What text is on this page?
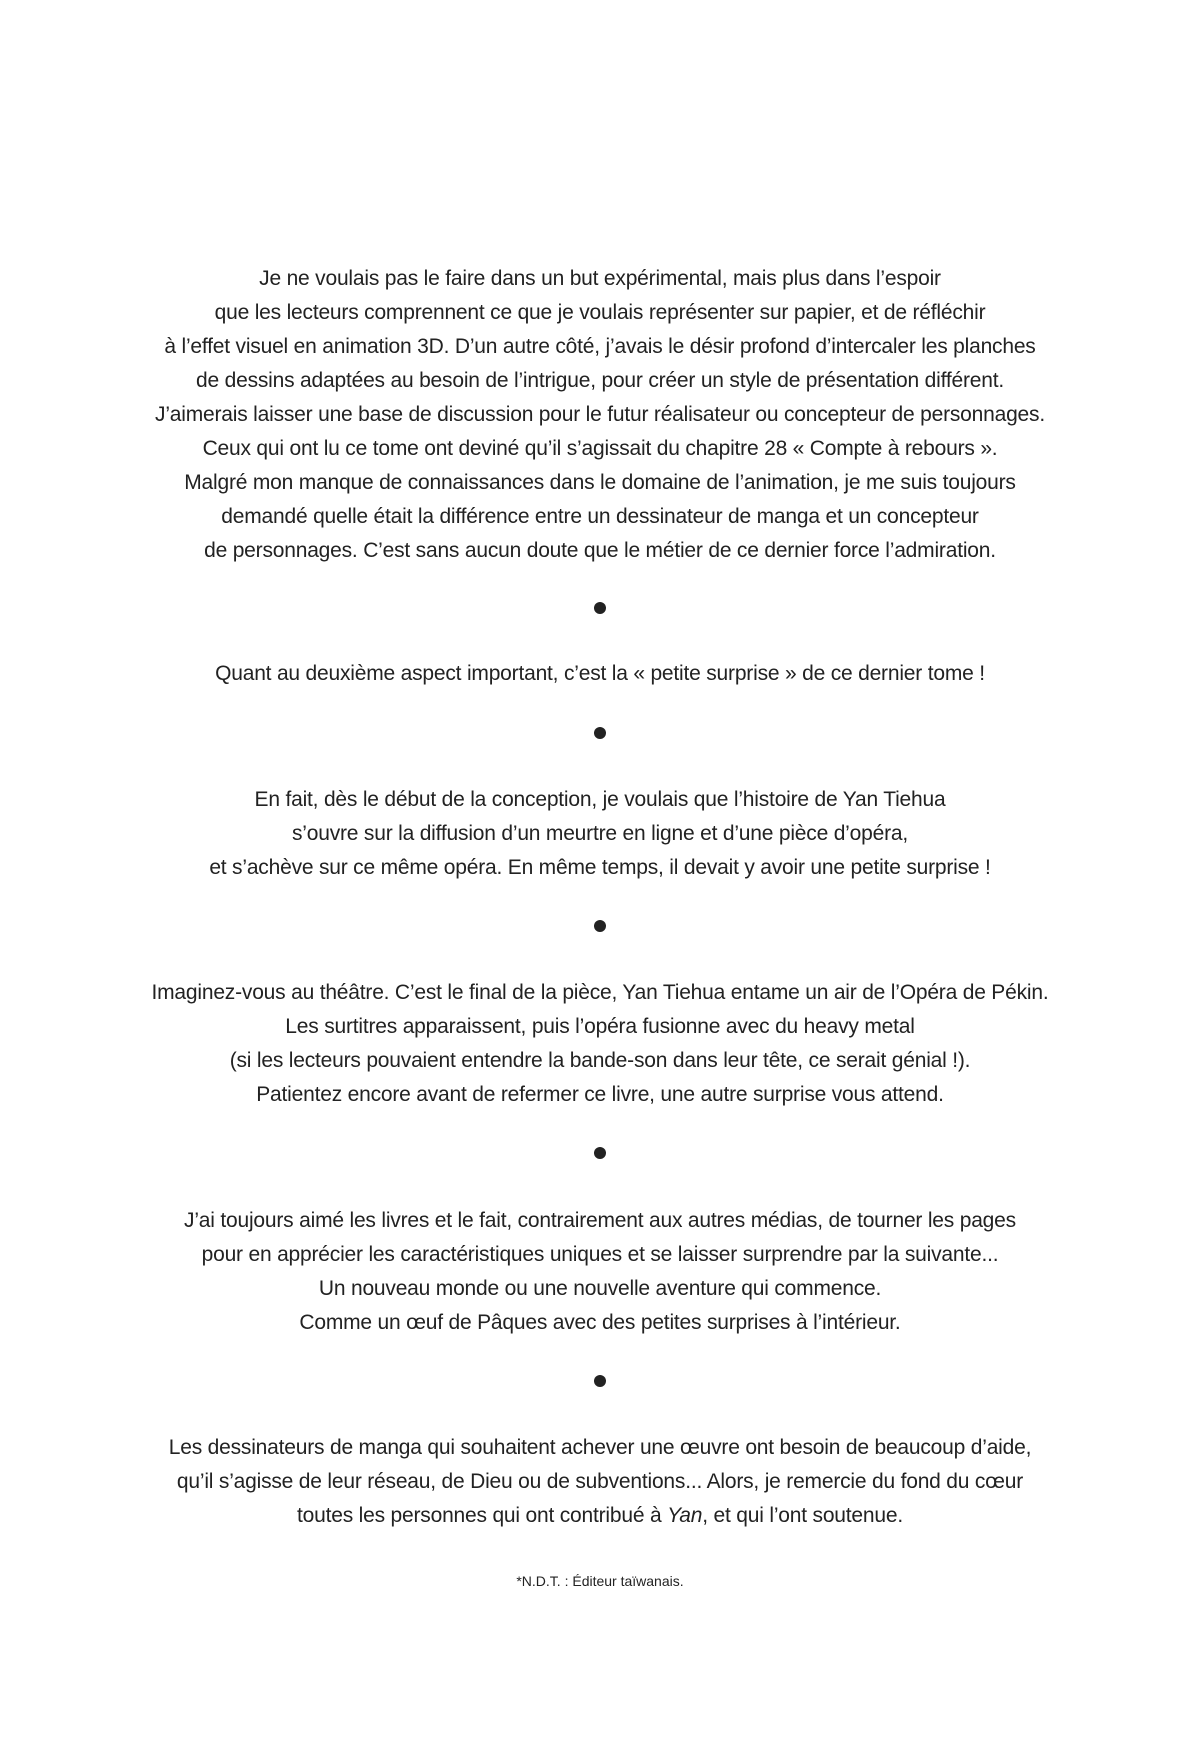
Je ne voulais pas le faire dans un but expérimental, mais plus dans l’espoir
que les lecteurs comprennent ce que je voulais représenter sur papier, et de réfléchir
à l’effet visuel en animation 3D. D’un autre côté, j’avais le désir profond d’intercaler les planches
de dessins adaptées au besoin de l’intrigue, pour créer un style de présentation différent.
J’aimerais laisser une base de discussion pour le futur réalisateur ou concepteur de personnages.
Ceux qui ont lu ce tome ont deviné qu’il s’agissait du chapitre 28 « Compte à rebours ».
Malgré mon manque de connaissances dans le domaine de l’animation, je me suis toujours
demandé quelle était la différence entre un dessinateur de manga et un concepteur
de personnages. C’est sans aucun doute que le métier de ce dernier force l’admiration.
Quant au deuxième aspect important, c’est la « petite surprise » de ce dernier tome !
En fait, dès le début de la conception, je voulais que l’histoire de Yan Tiehua
s’ouvre sur la diffusion d’un meurtre en ligne et d’une pièce d’opéra,
et s’achève sur ce même opéra. En même temps, il devait y avoir une petite surprise !
Imaginez-vous au théâtre. C’est le final de la pièce, Yan Tiehua entame un air de l’Opéra de Pékin.
Les surtitres apparaissent, puis l’opéra fusionne avec du heavy metal
(si les lecteurs pouvaient entendre la bande-son dans leur tête, ce serait génial !).
Patientez encore avant de refermer ce livre, une autre surprise vous attend.
J’ai toujours aimé les livres et le fait, contrairement aux autres médias, de tourner les pages
pour en apprécier les caractéristiques uniques et se laisser surprendre par la suivante...
Un nouveau monde ou une nouvelle aventure qui commence.
Comme un œuf de Pâques avec des petites surprises à l’intérieur.
Les dessinateurs de manga qui souhaitent achever une œuvre ont besoin de beaucoup d’aide,
qu’il s’agisse de leur réseau, de Dieu ou de subventions... Alors, je remercie du fond du cœur
toutes les personnes qui ont contribué à Yan, et qui l’ont soutenue.
*N.D.T. : Éditeur taïwanais.
